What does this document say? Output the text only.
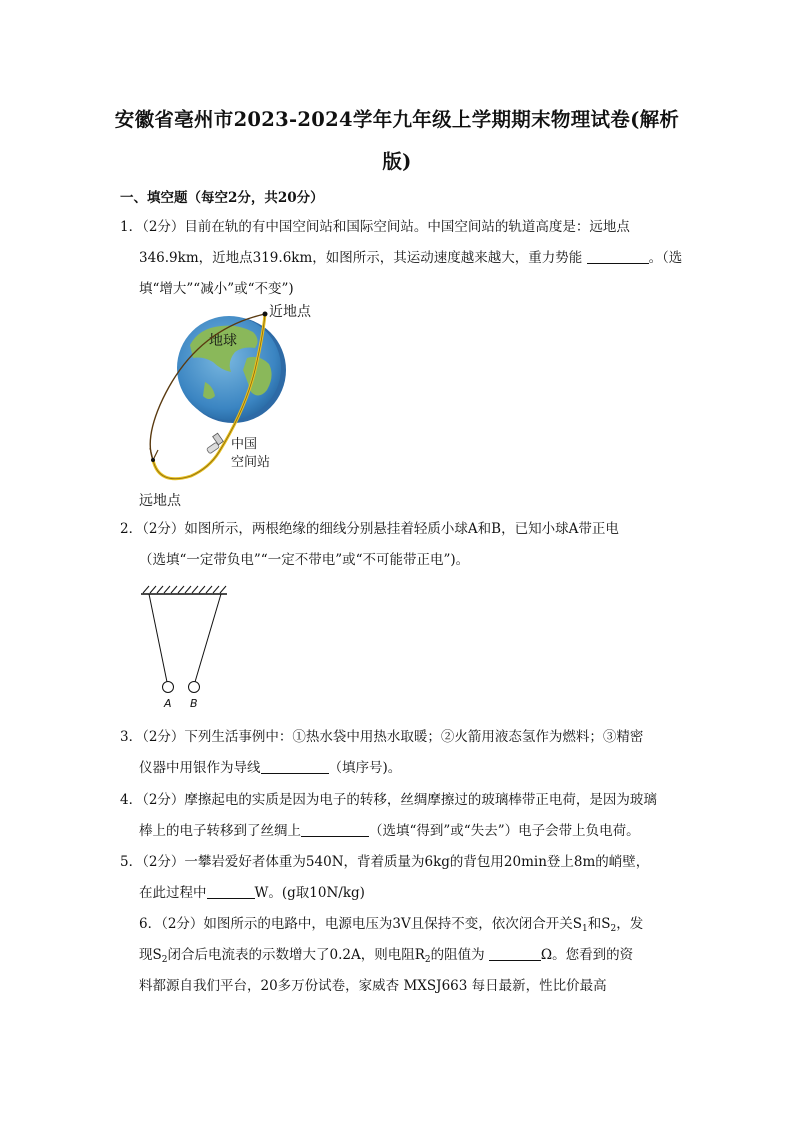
安徽省亳州市2023-2024学年九年级上学期期末物理试卷(解析
版)
一、填空题（每空2分，共20分）
1．（2分）目前在轨的有中国空间站和国际空间站。中国空间站的轨道高度是：远地点
346.9km，近地点319.6km，如图所示，其运动速度越来越大，重力势能	。（选
填“增大”“减小”或“不变”)
地球
近地点
中国
空间站
远地点
2．（2分）如图所示，两根绝缘的细线分别悬挂着轻质小球A和B，已知小球A带正电
（选填“一定带负电”“一定不带电”或“不可能带正电”)。
A B
3．（2分）下列生活事例中：①热水袋中用热水取暖；②火箭用液态氢作为燃料；③精密
仪器中用银作为导线	（填序号)。
4．（2分）摩擦起电的实质是因为电子的转移，丝绸摩擦过的玻璃棒带正电荷，是因为玻璃
棒上的电子转移到了丝绸上	（选填“得到”或“失去”）电子会带上负电荷。
5．（2分）一攀岩爱好者体重为540N，背着质量为6kg的背包用20min登上8m的峭壁，
在此过程中	W。(g取10N/kg)
6．（2分）如图所示的电路中，电源电压为3V且保持不变，依次闭合开关$S_1$和$S_2$，发
现$S_2$闭合后电流表的示数增大了0.2A，则电阻$R_2$的阻值为	Ω。您看到的资
料都源自我们平台，20多万份试卷，家威杏 MXSJ663 每日最新，性比价最高
